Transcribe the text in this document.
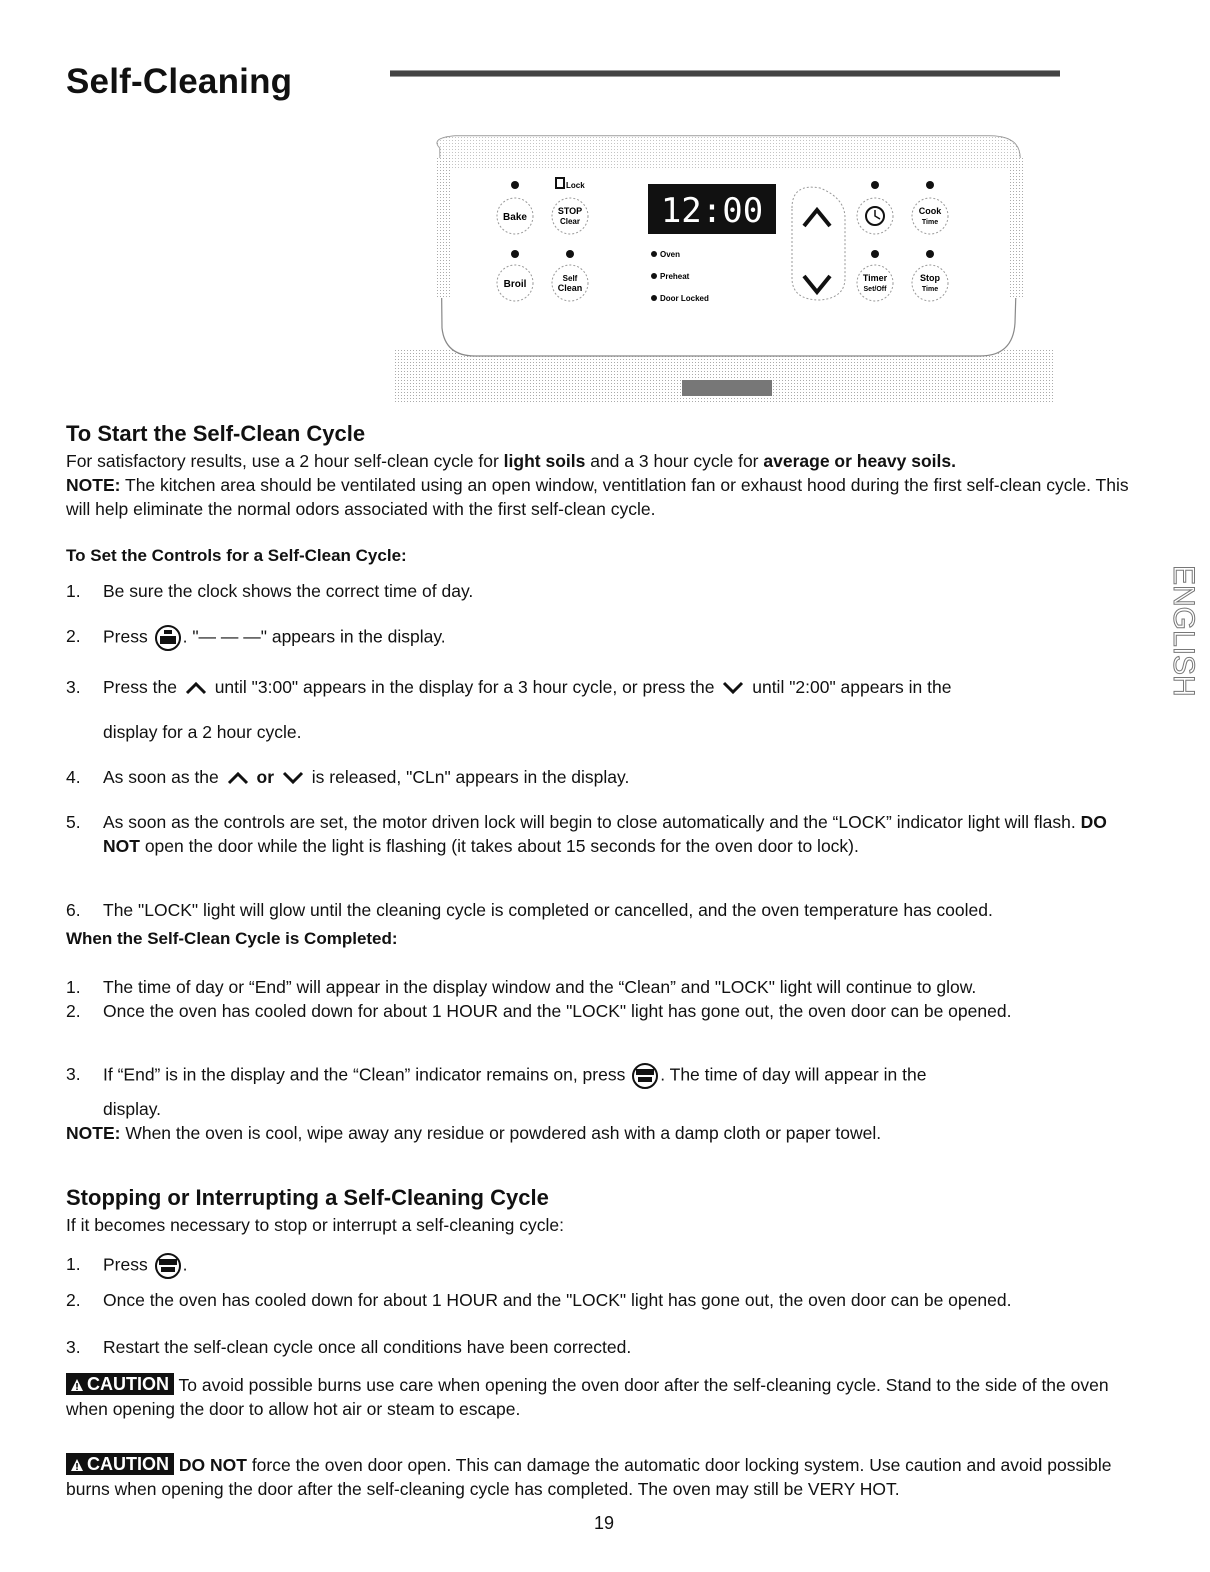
Self-Cleaning
Bake
STOP
Clear
Lock
Broil
Self
Clean
12:00
Oven
Preheat
Door Locked
Cook
Time
Timer
Set/Off
Stop
Time
To Start the Self-Clean Cycle

For satisfactory results, use a 2 hour self-clean cycle for light soils and a 3 hour cycle for average or heavy soils.
NOTE: The kitchen area should be ventilated using an open window, ventitlation fan or exhaust hood during the first self-clean cycle. This will help eliminate the normal odors associated with the first self-clean cycle.

To Set the Controls for a Self-Clean Cycle:
1.	Be sure the clock shows the correct time of day.
2.	Press . "— — —" appears in the display.
3.	Press the until "3:00" appears in the display for a 3 hour cycle, or press the until "2:00" appears in the
display for a 2 hour cycle.
4.	As soon as the or is released, "CLn" appears in the display.
5.	As soon as the controls are set, the motor driven lock will begin to close automatically and the “LOCK” indicator light will flash. DO NOT open the door while the light is flashing (it takes about 15 seconds for the oven door to lock).
6.	The "LOCK" light will glow until the cleaning cycle is completed or cancelled, and the oven temperature has cooled.
When the Self-Clean Cycle is Completed:
1.	The time of day or “End” will appear in the display window and the “Clean” and "LOCK" light will continue to glow.
2.	Once the oven has cooled down for about 1 HOUR and the "LOCK" light has gone out, the oven door can be opened.
3.	If “End” is in the display and the “Clean” indicator remains on, press . The time of day will appear in the
display.

NOTE: When the oven is cool, wipe away any residue or powdered ash with a damp cloth or paper towel.

Stopping or Interrupting a Self-Cleaning Cycle

If it becomes necessary to stop or interrupt a self-cleaning cycle:

1.	Press .
2.	Once the oven has cooled down for about 1 HOUR and the "LOCK" light has gone out, the oven door can be opened.
3.	Restart the self-clean cycle once all conditions have been corrected.

CAUTION To avoid possible burns use care when opening the oven door after the self-cleaning cycle. Stand to the side of the oven when opening the door to allow hot air or steam to escape.

CAUTION DO NOT force the oven door open. This can damage the automatic door locking system. Use caution and avoid possible burns when opening the door after the self-cleaning cycle has completed. The oven may still be VERY HOT.

ENGLISH
19
